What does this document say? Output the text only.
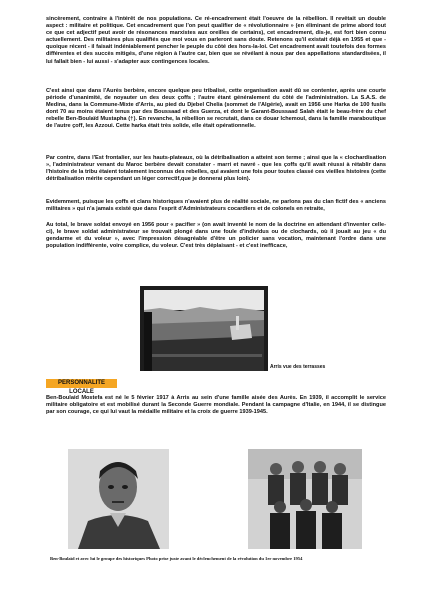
sincèrement, contraire à l'intérêt de nos populations. Ce ré-encadrement était l'oeuvre de la rébellion. Il revêtait un double aspect : militaire et politique. Cet encadrement que l'on peut qualifier de « révolutionnaire » (en éliminant de prime abord tout ce que cet adjectif peut avoir de résonances marxistes aux oreilles de certains), cet encadrement, dis-je, est fort bien connu actuellement. Des militaires plus qualifiés que moi vous en parleront sans doute. Retenons qu'il existait déjà en 1955 et que - quoique récent - il faisait indéniablement pencher le peuple du côté des hors-la-loi. Cet encadrement avait toutefois des formes différentes et des succès mitigés, d'une région à l'autre car, bien que se révélant à nous par des appellations standardisées, il lui fallait bien - lui aussi - s'adapter aux contingences locales.

C'est ainsi que dans l'Aurès berbère, encore quelque peu tribalisé, cette organisation avait dû se contenter, après une courte période d'unanimité, de noyauter un des deux çoffs ; l'autre étant généralement du côté de l'administration. La S.A.S. de Medina, dans la Commune-Mixte d'Arris, au pied du Djebel Chelia (sommet de l'Algérie), avait en 1956 une Harka de 100 fusils dont 70 au moins étaient tenus par des Boussaad et des Guerza, et dont le Garant-Boussaad Salah était le beau-frère du chef rebelle Ben-Boulaïd Mustapha (†). En revanche, la rébellion se recrutait, dans ce douar Ichemoul, dans la famille maraboutique de l'autre çoff, les Azzoui. Cette harka était très solide, elle était opérationnelle.

Par contre, dans l'Est frontalier, sur les hauts-plateaux, où la détribalisation a atteint son terme ; ainsi que la « clochardisation », l'administrateur venant du Maroc berbère devait constater - marri et navré - que les çoffs qu'il avait réussi à rétablir dans l'histoire de la tribu étaient totalement inconnus des rebelles, qui avaient une fois pour toutes classé ces vieilles histoires (cette détribalisation mérite cependant un léger correctif,que je donnerai plus loin).

Evidemment, puisque les çoffs et clans historiques n'avaient plus de réalité sociale, ne parlons pas du clan fictif des « anciens militaires » qui n'a jamais existé que dans l'esprit d'Administrateurs cocardiers et de colonels en retraite,

Au total, le brave soldat envoyé en 1956 pour « pacifier » (on avait inventé le nom de la doctrine en attendant d'inventer celle-ci), le brave soldat administrateur se trouvait plongé dans une foule d'individus ou de clochards, où il jouait au jeu « du gendarme et du voleur », avec l'impression désagréable d'être un policier sans vocation, maintenant l'ordre dans une population indifférente, voire complice, du voleur. C'est très déplaisant - et c'est inefficace,

Arris vue des terrasses
PERSONNALITE LOCALE

Ben-Boulaid Mostefa est né le 5 février 1917 à Arris au sein d'une famille aisée des Aurès. En 1939, il accomplit le service militaire obligatoire et est mobilisé durant la Seconde Guerre mondiale. Pendant la campagne d'Italie, en 1944, il se distingue par son courage, ce qui lui vaut la médaille militaire et la croix de guerre 1939-1945.

Ben-Boulaïd et avec lui le groupe des historiques Photo prise juste avant le déclenchement de la révolution du 1er novembre 1954
